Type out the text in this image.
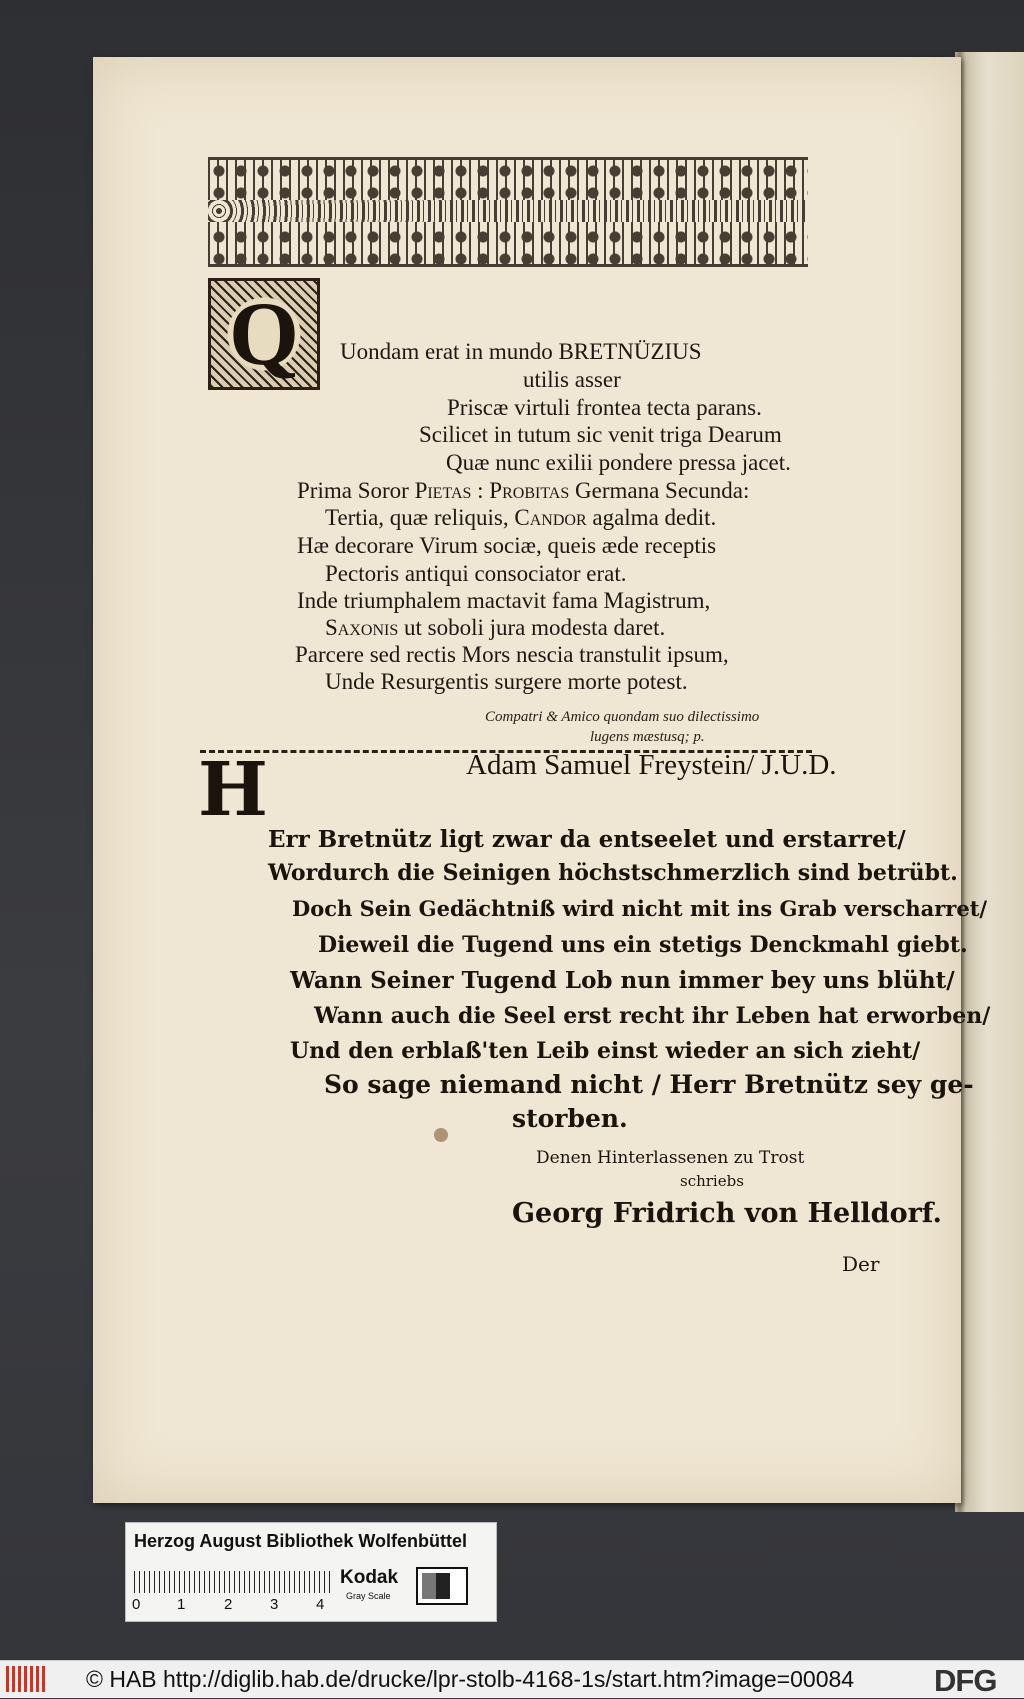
Q	Uondam erat in mundo BRETNÜZIUS
utilis asser
Priscæ virtuli frontea tecta parans.
Scilicet in tutum sic venit triga Dearum
Quæ nunc exilii pondere pressa jacet.
Prima Soror Pietas : Probitas Germana Secunda:
Tertia, quæ reliquis, Candor agalma dedit.
Hæ decorare Virum sociæ, queis æde receptis
Pectoris antiqui consociator erat.
Inde triumphalem mactavit fama Magistrum,
Saxonis ut soboli jura modesta daret.
Parcere sed rectis Mors nescia transtulit ipsum,
Unde Resurgentis surgere morte potest.
Compatri & Amico quondam suo dilectissimo
lugens mæstusq; p.
Adam Samuel Freystein/ J.U.D.
H
Err Bretnütz ligt zwar da entseelet und erstarret/
Wordurch die Seinigen höchstschmerzlich sind betrübt.
Doch Sein Gedächtniß wird nicht mit ins Grab verscharret/
Dieweil die Tugend uns ein stetigs Denckmahl giebt.
Wann Seiner Tugend Lob nun immer bey uns blüht/
Wann auch die Seel erst recht ihr Leben hat erworben/
Und den erblaß'ten Leib einst wieder an sich zieht/
So sage niemand nicht / Herr Bretnütz sey ge-
storben.
Denen Hinterlassenen zu Trost
schriebs
Georg Fridrich von Helldorf.
Der
Herzog August Bibliothek Wolfenbüttel
0 1	2	3	4
Kodak
Gray Scale
© HAB http://diglib.hab.de/drucke/lpr-stolb-4168-1s/start.htm?image=00084	DFG
